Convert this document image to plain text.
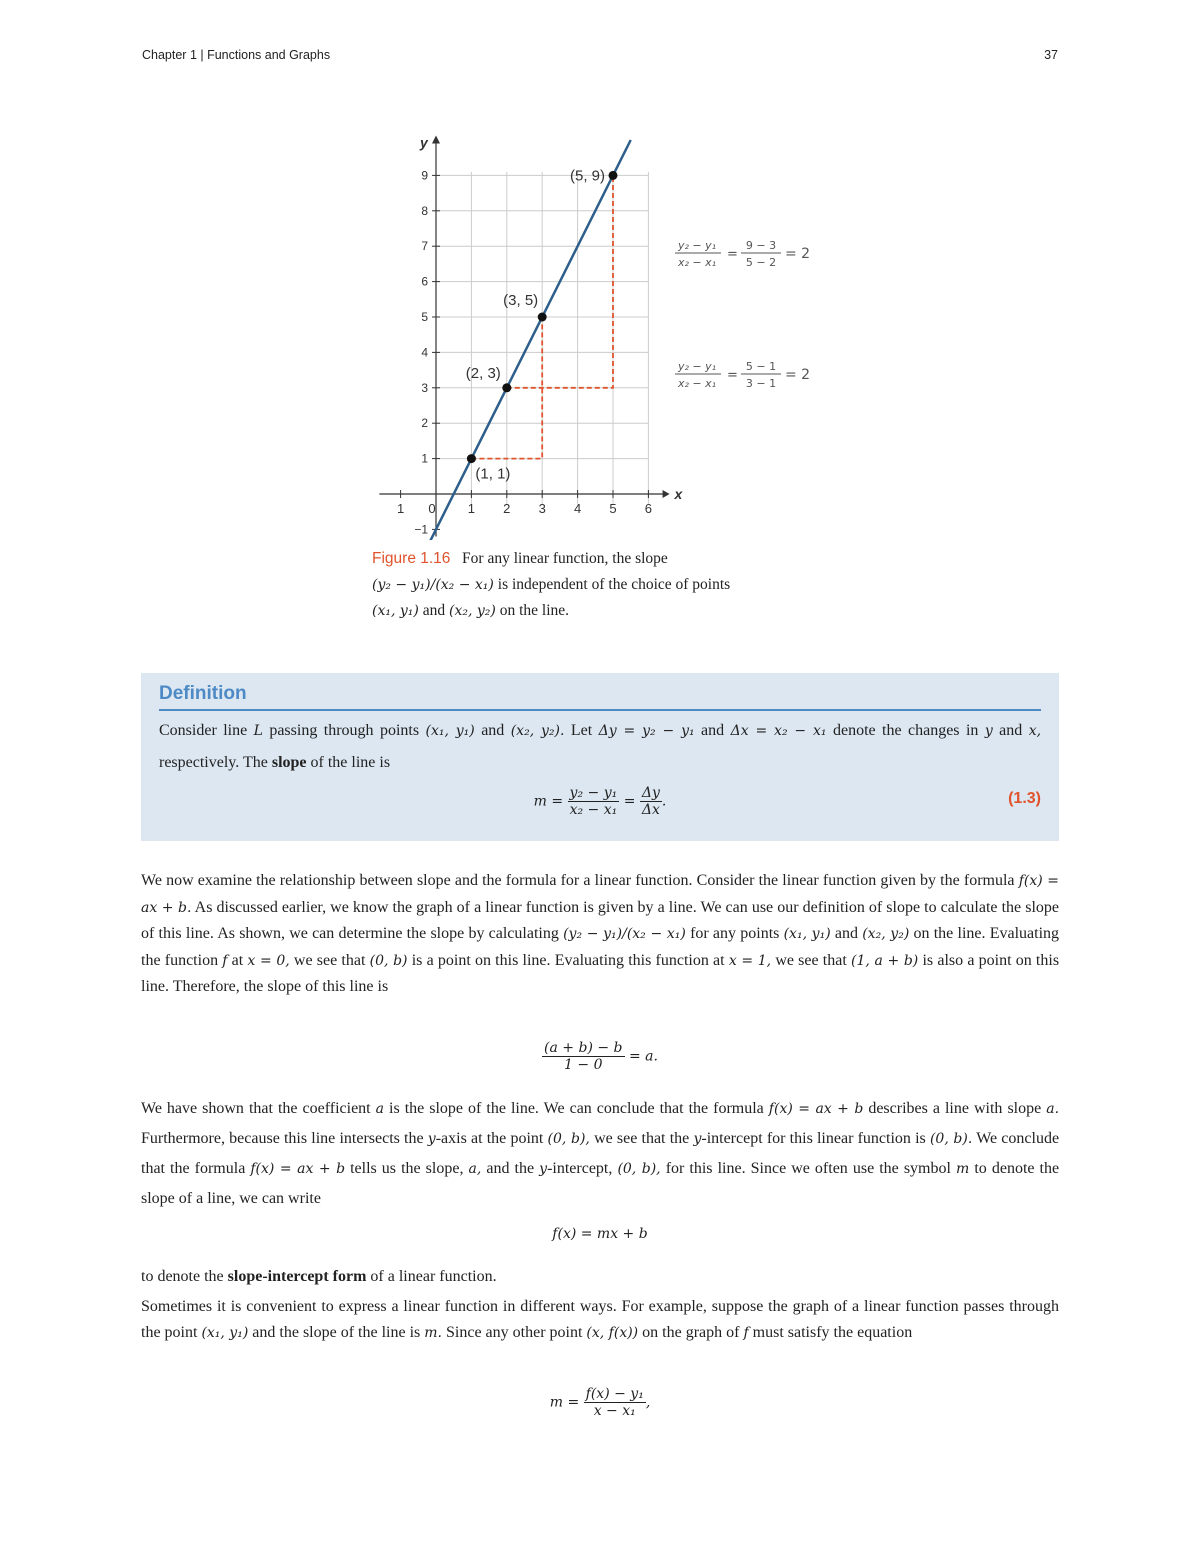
Chapter 1 | Functions and Graphs	37
1 0 1 2 3 4 5 6
−1
1
2
3
4
5
6
7
8
9
x
y
(1, 1)
(2, 3)
(3, 5)
(5, 9)
y₂ − y₁
x₂ − x₁
=
9 − 3
5 − 2
= 2
y₂ − y₁
x₂ − x₁
=
5 − 1
3 − 1
= 2
Figure 1.16 For any linear function, the slope
(y₂ − y₁)/(x₂ − x₁) is independent of the choice of points
(x₁, y₁) and (x₂, y₂) on the line.
Definition
Consider line L passing through points (x₁, y₁) and (x₂, y₂). Let Δy = y₂ − y₁ and Δx = x₂ − x₁ denote the changes in y and x, respectively. The slope of the line is
$m = \frac{\text{y₂ − y₁}}{\text{x₂ − x₁}} = \frac{\Delta y}{\Delta x}$ .	(1.3)
We now examine the relationship between slope and the formula for a linear function. Consider the linear function given by the formula f(x) = ax + b. As discussed earlier, we know the graph of a linear function is given by a line. We can use our definition of slope to calculate the slope of this line. As shown, we can determine the slope by calculating (y₂ − y₁)/(x₂ − x₁) for any points (x₁, y₁) and (x₂, y₂) on the line. Evaluating the function f at x = 0, we see that (0, b) is a point on this line. Evaluating this function at x = 1, we see that (1, a + b) is also a point on this line. Therefore, the slope of this line is
$\frac{(a + b) - b}{1 - 0} = a$.
We have shown that the coefficient a is the slope of the line. We can conclude that the formula f(x) = ax + b describes a line with slope a. Furthermore, because this line intersects the y-axis at the point (0, b), we see that the y-intercept for this linear function is (0, b). We conclude that the formula f(x) = ax + b tells us the slope, a, and the y-intercept, (0, b), for this line. Since we often use the symbol m to denote the slope of a line, we can write
f(x) = mx + b
to denote the slope-intercept form of a linear function.
Sometimes it is convenient to express a linear function in different ways. For example, suppose the graph of a linear function passes through the point (x₁, y₁) and the slope of the line is m. Since any other point (x, f(x)) on the graph of f must satisfy the equation
$m = \frac{\text{f(x) − y₁}}{\text{x − x₁}}$ ,
